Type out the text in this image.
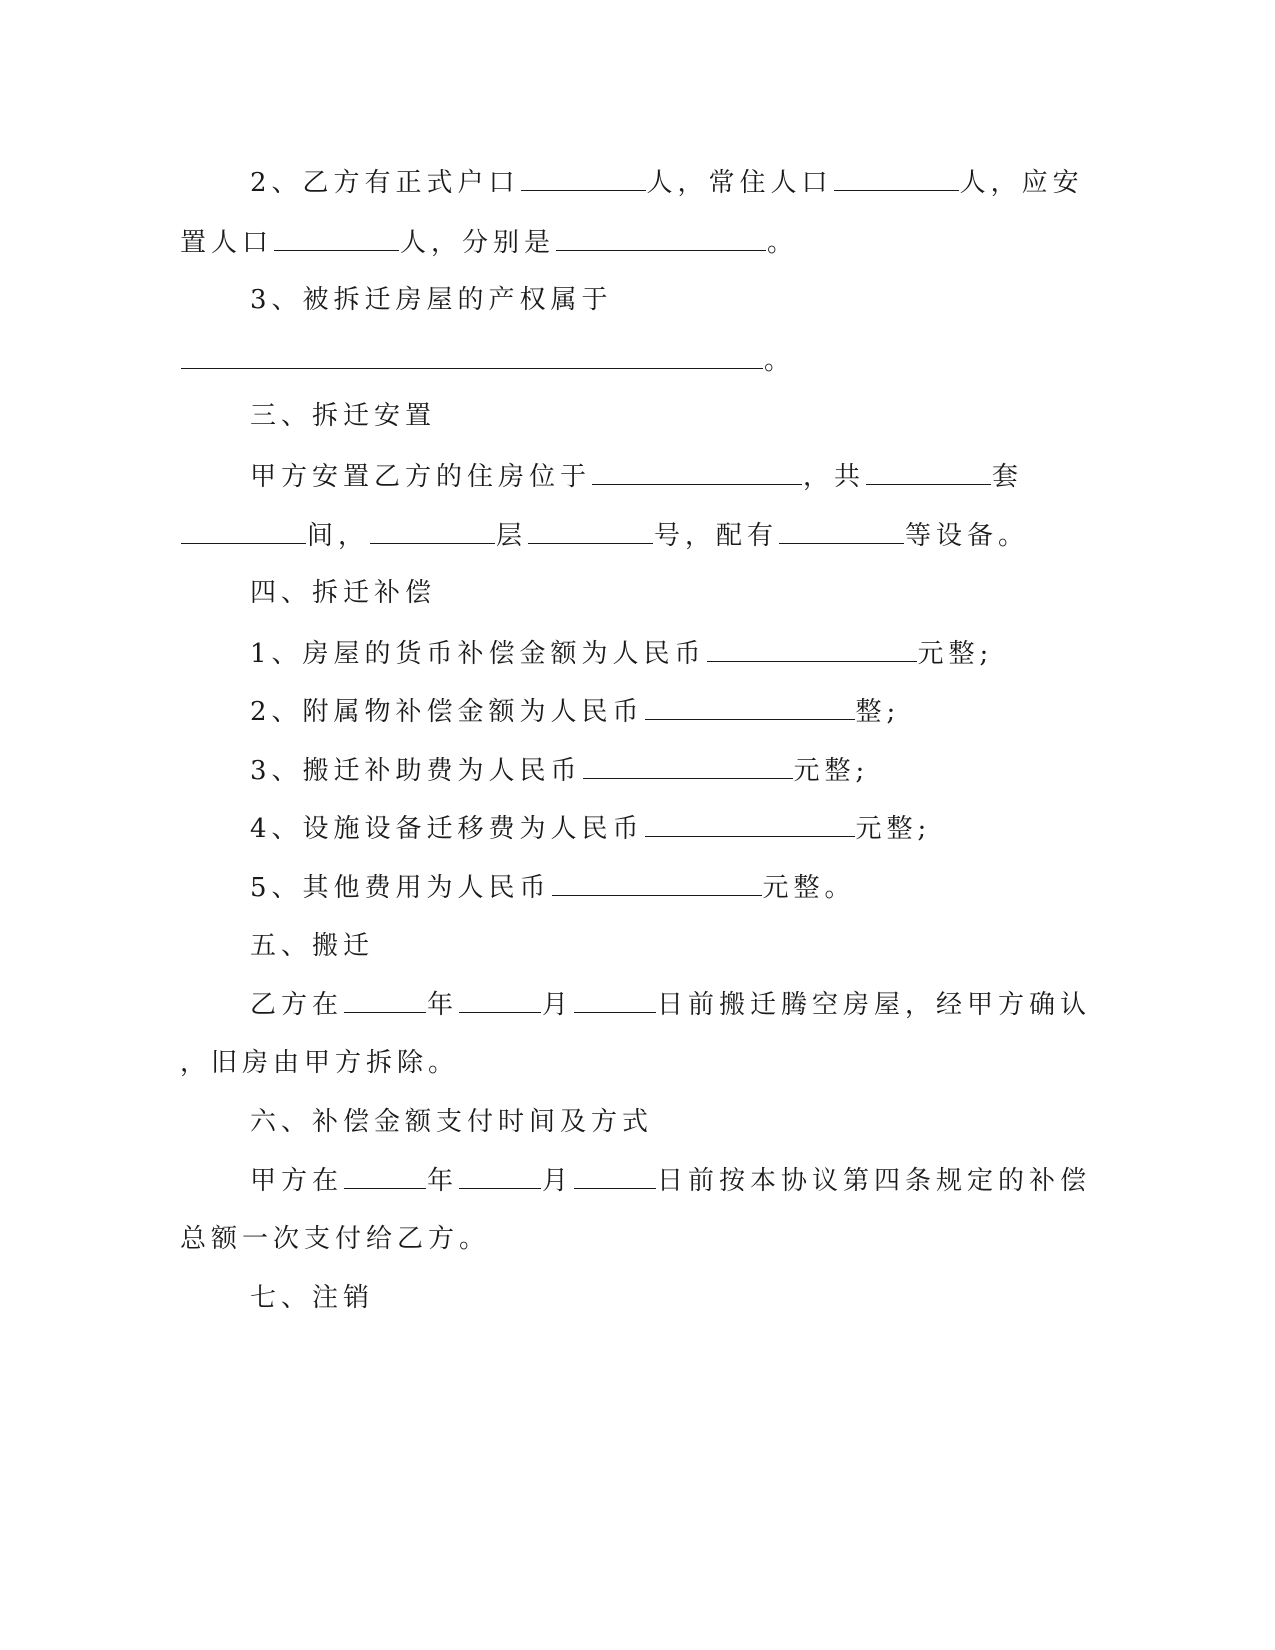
2、乙方有正式户口	人，常住人口	人，应安
置人口	人，分别是	。
3、被拆迁房屋的产权属于
。
三、拆迁安置
甲方安置乙方的住房位于	，共	套
间，	层	号，配有	等设备。
四、拆迁补偿
1、房屋的货币补偿金额为人民币	元整;
2、附属物补偿金额为人民币	整;
3、搬迁补助费为人民币	元整;
4、设施设备迁移费为人民币	元整;
5、其他费用为人民币	元整。
五、搬迁
乙方在	年	月	日前搬迁腾空房屋，经甲方确认
，旧房由甲方拆除。
六、补偿金额支付时间及方式
甲方在	年	月	日前按本协议第四条规定的补偿
总额一次支付给乙方。
七、注销
